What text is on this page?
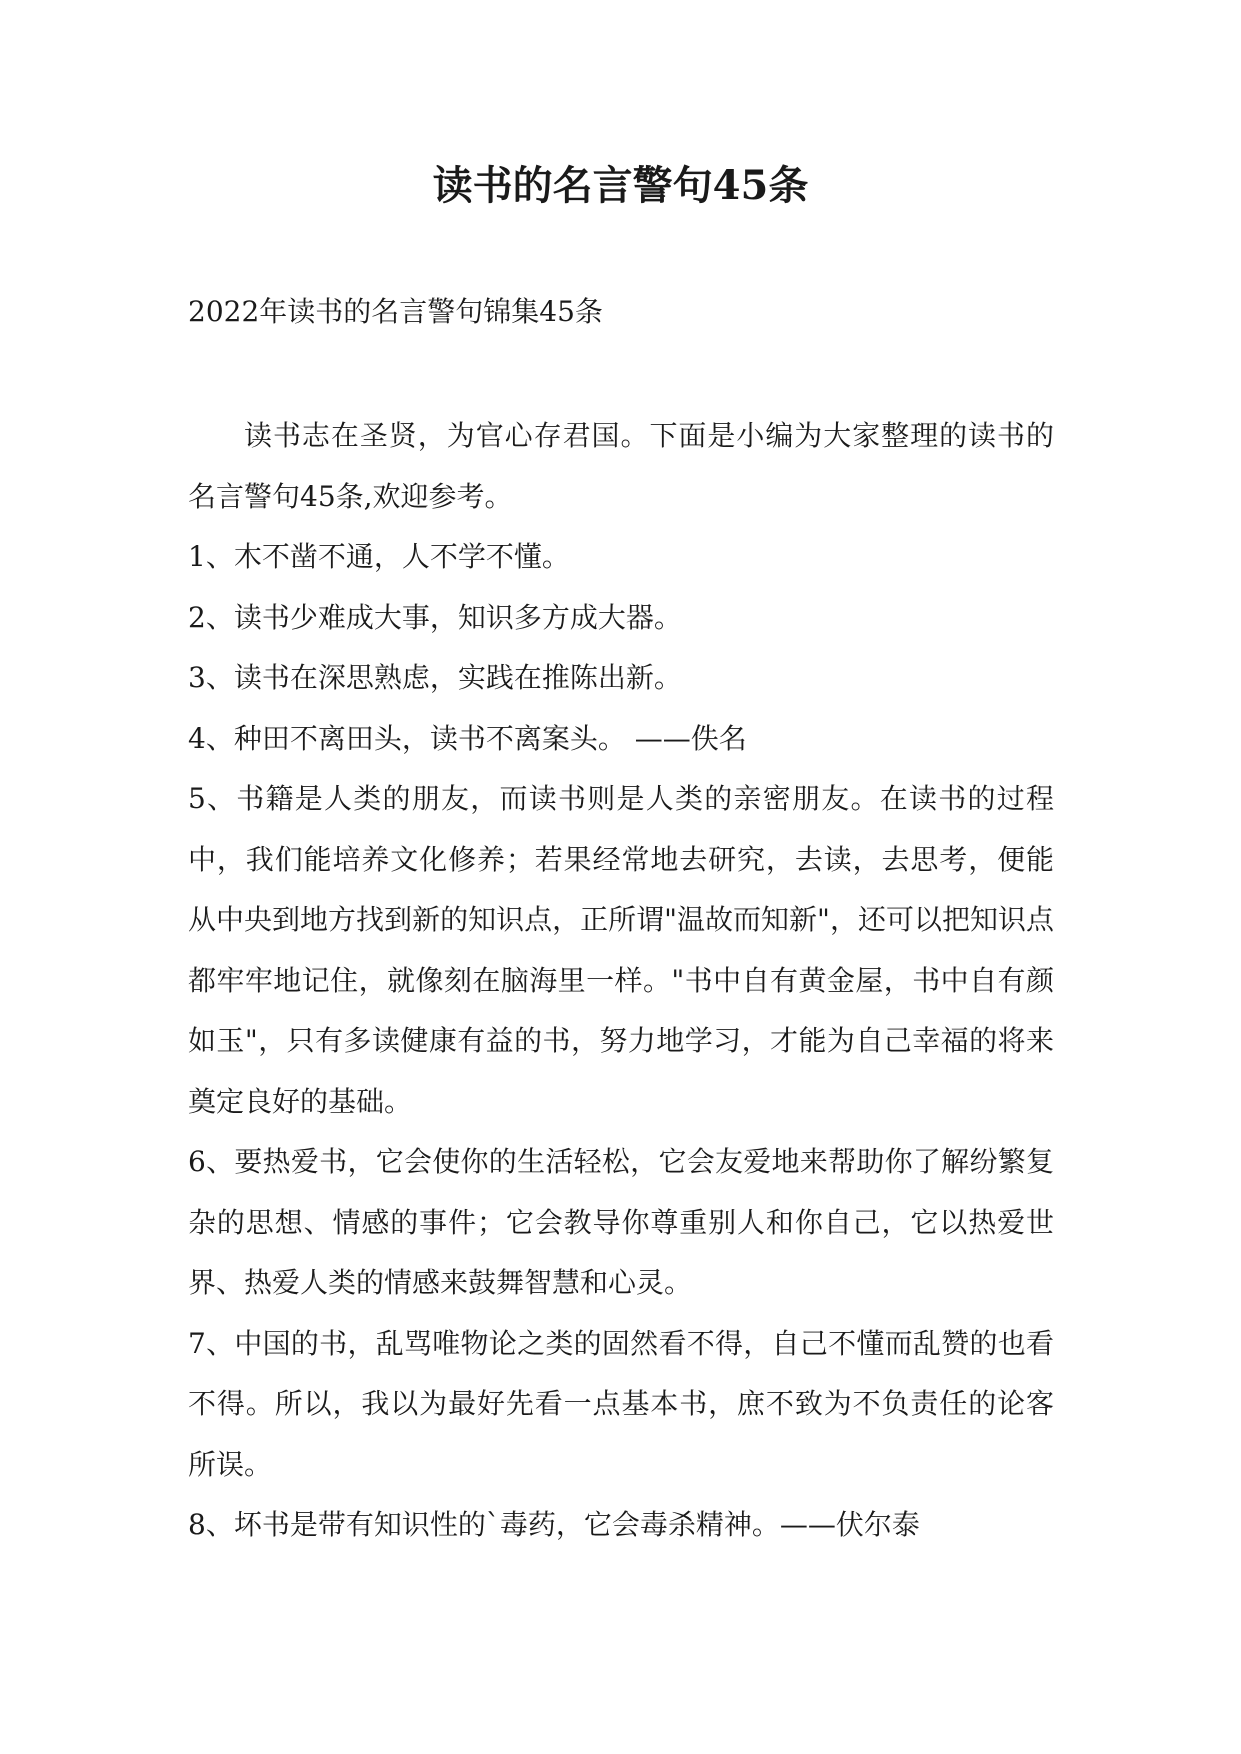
读书的名言警句45条

2022年读书的名言警句锦集45条

读书志在圣贤，为官心存君国。下面是小编为大家整理的读书的名言警句45条,欢迎参考。

1、木不凿不通，人不学不懂。

2、读书少难成大事，知识多方成大器。

3、读书在深思熟虑，实践在推陈出新。

4、种田不离田头，读书不离案头。 ——佚名

5、书籍是人类的朋友，而读书则是人类的亲密朋友。在读书的过程中，我们能培养文化修养；若果经常地去研究，去读，去思考，便能从中央到地方找到新的知识点，正所谓"温故而知新"，还可以把知识点都牢牢地记住，就像刻在脑海里一样。"书中自有黄金屋，书中自有颜如玉"，只有多读健康有益的书，努力地学习，才能为自己幸福的将来奠定良好的基础。

6、要热爱书，它会使你的生活轻松，它会友爱地来帮助你了解纷繁复杂的思想、情感的事件；它会教导你尊重别人和你自己，它以热爱世界、热爱人类的情感来鼓舞智慧和心灵。

7、中国的书，乱骂唯物论之类的固然看不得，自己不懂而乱赞的也看不得。所以，我以为最好先看一点基本书，庶不致为不负责任的论客所误。

8、坏书是带有知识性的`毒药，它会毒杀精神。——伏尔泰
